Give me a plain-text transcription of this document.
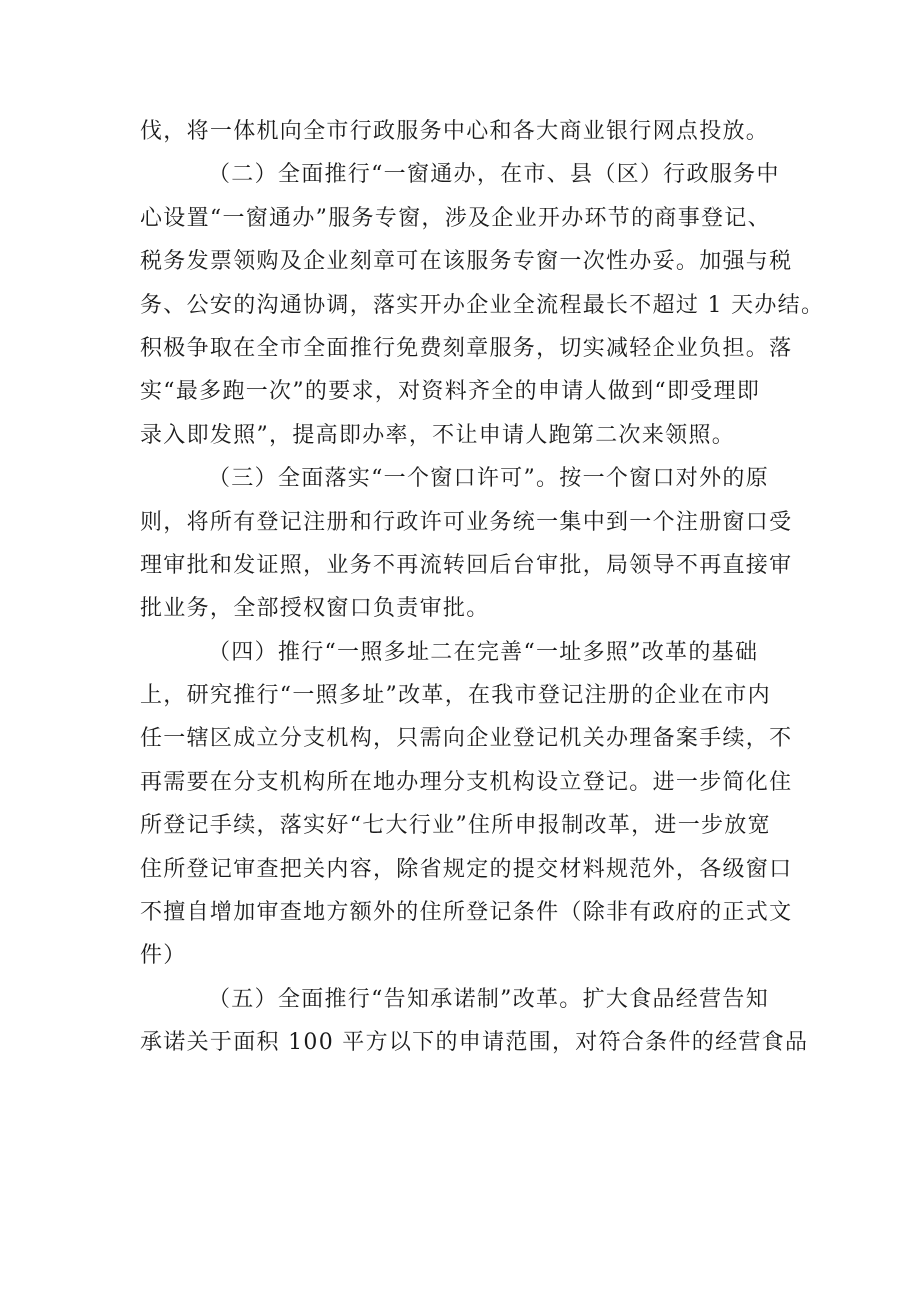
伐，将一体机向全市行政服务中心和各大商业银行网点投放。
（二）全面推行“一窗通办，在市、县（区）行政服务中
心设置“一窗通办”服务专窗，涉及企业开办环节的商事登记、
税务发票领购及企业刻章可在该服务专窗一次性办妥。加强与税
务、公安的沟通协调，落实开办企业全流程最长不超过 1 天办结。
积极争取在全市全面推行免费刻章服务，切实减轻企业负担。落
实“最多跑一次”的要求，对资料齐全的申请人做到“即受理即
录入即发照”，提高即办率，不让申请人跑第二次来领照。
（三）全面落实“一个窗口许可”。按一个窗口对外的原
则，将所有登记注册和行政许可业务统一集中到一个注册窗口受
理审批和发证照，业务不再流转回后台审批，局领导不再直接审
批业务，全部授权窗口负责审批。
（四）推行“一照多址二在完善“一址多照”改革的基础
上，研究推行“一照多址”改革，在我市登记注册的企业在市内
任一辖区成立分支机构，只需向企业登记机关办理备案手续，不
再需要在分支机构所在地办理分支机构设立登记。进一步简化住
所登记手续，落实好“七大行业”住所申报制改革，进一步放宽
住所登记审查把关内容，除省规定的提交材料规范外，各级窗口
不擅自增加审查地方额外的住所登记条件（除非有政府的正式文
件）
（五）全面推行“告知承诺制”改革。扩大食品经营告知
承诺关于面积 100 平方以下的申请范围，对符合条件的经营食品
